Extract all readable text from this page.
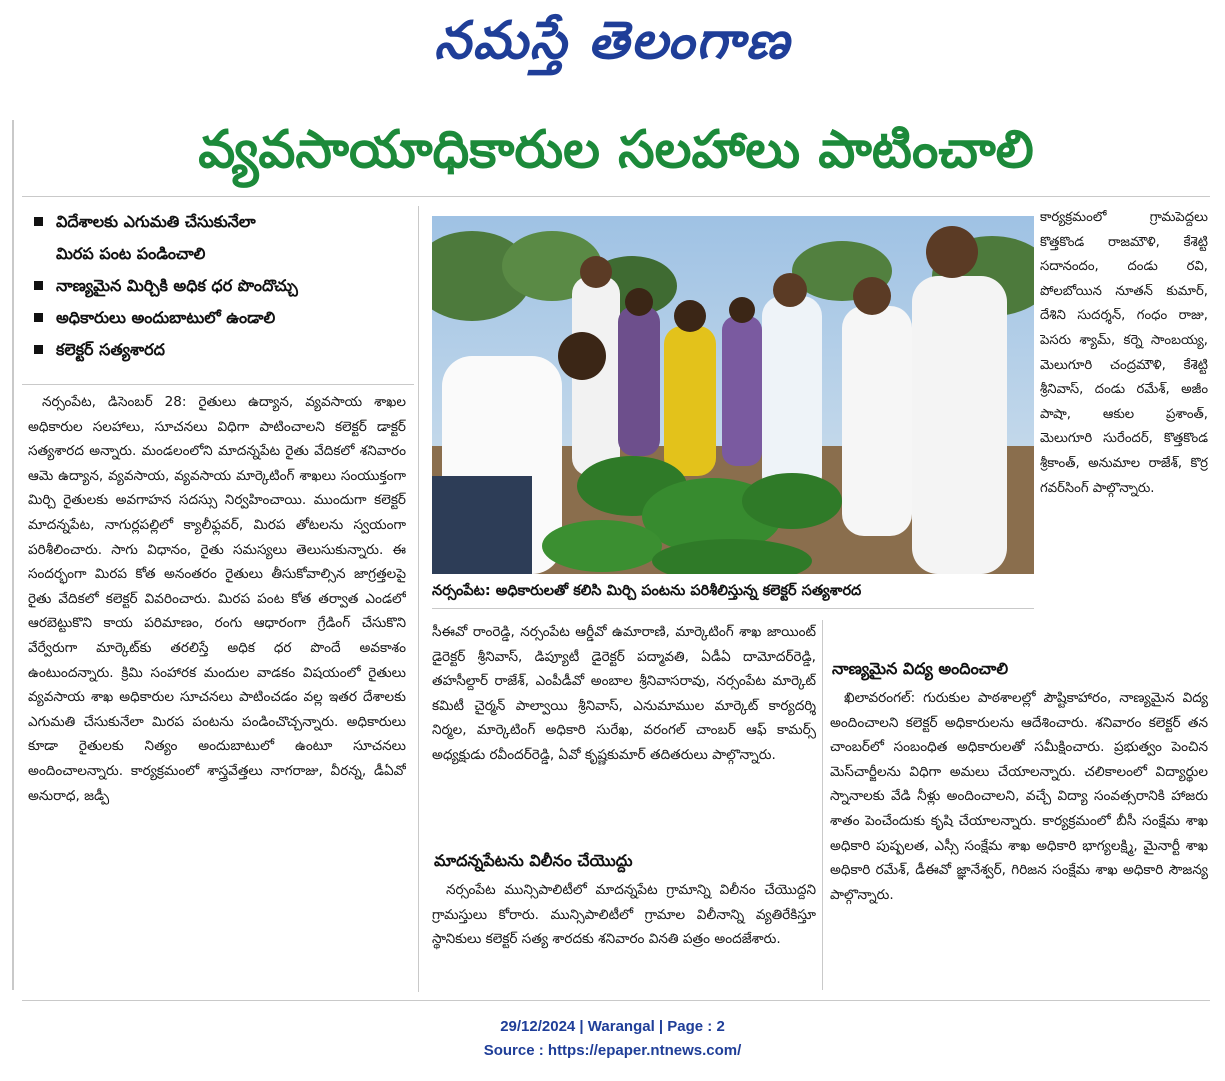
నమస్తే తెలంగాణ
వ్యవసాయాధికారుల సలహాలు పాటించాలి
విదేశాలకు ఎగుమతి చేసుకునేలా
మిరప పంట పండించాలి
నాణ్యమైన మిర్చికి అధిక ధర పొందొచ్చు
అధికారులు అందుబాటులో ఉండాలి
కలెక్టర్ సత్యశారద

నర్సంపేట, డిసెంబర్ 28: రైతులు ఉద్యాన, వ్యవసాయ శాఖల అధికారుల సలహాలు, సూచనలు విధిగా పాటించాలని కలెక్టర్ డాక్టర్ సత్యశారద అన్నారు. మండలంలోని మాదన్నపేట రైతు వేదికలో శనివారం ఆమె ఉద్యాన, వ్యవసాయ, వ్యవసాయ మార్కెటింగ్ శాఖలు సంయుక్తంగా మిర్చి రైతులకు అవగాహన సదస్సు నిర్వహించాయి. ముందుగా కలెక్టర్ మాదన్నపేట, నాగుర్లపల్లిలో క్యాలీఫ్లవర్, మిరప తోటలను స్వయంగా పరిశీలించారు. సాగు విధానం, రైతు సమస్యలు తెలుసుకున్నారు. ఈ సందర్భంగా మిరప కోత అనంతరం రైతులు తీసుకోవాల్సిన జాగ్రత్తలపై రైతు వేదికలో కలెక్టర్ వివరించారు. మిరప పంట కోత తర్వాత ఎండలో ఆరబెట్టుకొని కాయ పరిమాణం, రంగు ఆధారంగా గ్రేడింగ్ చేసుకొని వేర్వేరుగా మార్కెట్‌కు తరలిస్తే అధిక ధర పొందే అవకాశం ఉంటుందన్నారు. క్రిమి సంహారక మందుల వాడకం విషయంలో రైతులు వ్యవసాయ శాఖ అధికారుల సూచనలు పాటించడం వల్ల ఇతర దేశాలకు ఎగుమతి చేసుకునేలా మిరప పంటను పండించొచ్చన్నారు. అధికారులు కూడా రైతులకు నిత్యం అందుబాటులో ఉంటూ సూచనలు అందించాలన్నారు. కార్యక్రమంలో శాస్త్రవేత్తలు నాగరాజు, వీరన్న, డీఏవో అనురాధ, జడ్పీ

నర్సంపేట: అధికారులతో కలిసి మిర్చి పంటను పరిశీలిస్తున్న కలెక్టర్ సత్యశారద

సీఈవో రాంరెడ్డి, నర్సంపేట ఆర్డీవో ఉమారాణి, మార్కెటింగ్ శాఖ జాయింట్ డైరెక్టర్ శ్రీనివాస్, డిప్యూటీ డైరెక్టర్ పద్మావతి, ఏడీఏ దామోదర్‌రెడ్డి, తహసీల్దార్ రాజేశ్, ఎంపీడీవో అంబాల శ్రీనివాసరావు, నర్సంపేట మార్కెట్ కమిటీ చైర్మన్ పాల్వాయి శ్రీనివాస్, ఎనుమాముల మార్కెట్ కార్యదర్శి నిర్మల, మార్కెటింగ్ అధికారి సురేఖ, వరంగల్ చాంబర్ ఆఫ్ కామర్స్ అధ్యక్షుడు రవీందర్‌రెడ్డి, ఏవో కృష్ణకుమార్ తదితరులు పాల్గొన్నారు.

మాదన్నపేటను విలీనం చేయొద్దు

నర్సంపేట మున్సిపాలిటీలో మాదన్నపేట గ్రామాన్ని విలీనం చేయొద్దని గ్రామస్తులు కోరారు. మున్సిపాలిటీలో గ్రామాల విలీనాన్ని వ్యతిరేకిస్తూ స్థానికులు కలెక్టర్ సత్య శారదకు శనివారం వినతి పత్రం అందజేశారు.

కార్యక్రమంలో గ్రామపెద్దలు కొత్తకొండ రాజమౌళి, కేశెట్టి సదానందం, దండు రవి, పోలబోయిన నూతన్ కుమార్, దేశిని సుదర్శన్, గంధం రాజు, పెసరు శ్యామ్, కర్నె సాంబయ్య, మెలుగూరి చంద్రమౌళి, కేశెట్టి శ్రీనివాస్, దండు రమేశ్, అజీం పాషా, ఆకుల ప్రశాంత్, మెలుగూరి సురేందర్, కొత్తకొండ శ్రీకాంత్, అనుమాల రాజేశ్, కొర్ర గవర్‌సింగ్ పాల్గొన్నారు.

నాణ్యమైన విద్య అందించాలి

ఖిలావరంగల్: గురుకుల పాఠశాలల్లో పౌష్టికాహారం, నాణ్యమైన విద్య అందించాలని కలెక్టర్ అధికారులను ఆదేశించారు. శనివారం కలెక్టర్ తన చాంబర్‌లో సంబంధిత అధికారులతో సమీక్షించారు. ప్రభుత్వం పెంచిన మెస్‌చార్జీలను విధిగా అమలు చేయాలన్నారు. చలికాలంలో విద్యార్థుల స్నానాలకు వేడి నీళ్లు అందించాలని, వచ్చే విద్యా సంవత్సరానికి హాజరు శాతం పెంచేందుకు కృషి చేయాలన్నారు. కార్యక్రమంలో బీసీ సంక్షేమ శాఖ అధికారి పుష్పలత, ఎస్సీ సంక్షేమ శాఖ అధికారి భాగ్యలక్ష్మి, మైనార్టీ శాఖ అధికారి రమేశ్, డీఈవో జ్ఞానేశ్వర్, గిరిజన సంక్షేమ శాఖ అధికారి సౌజన్య పాల్గొన్నారు.

29/12/2024 | Warangal | Page : 2
Source : https://epaper.ntnews.com/
